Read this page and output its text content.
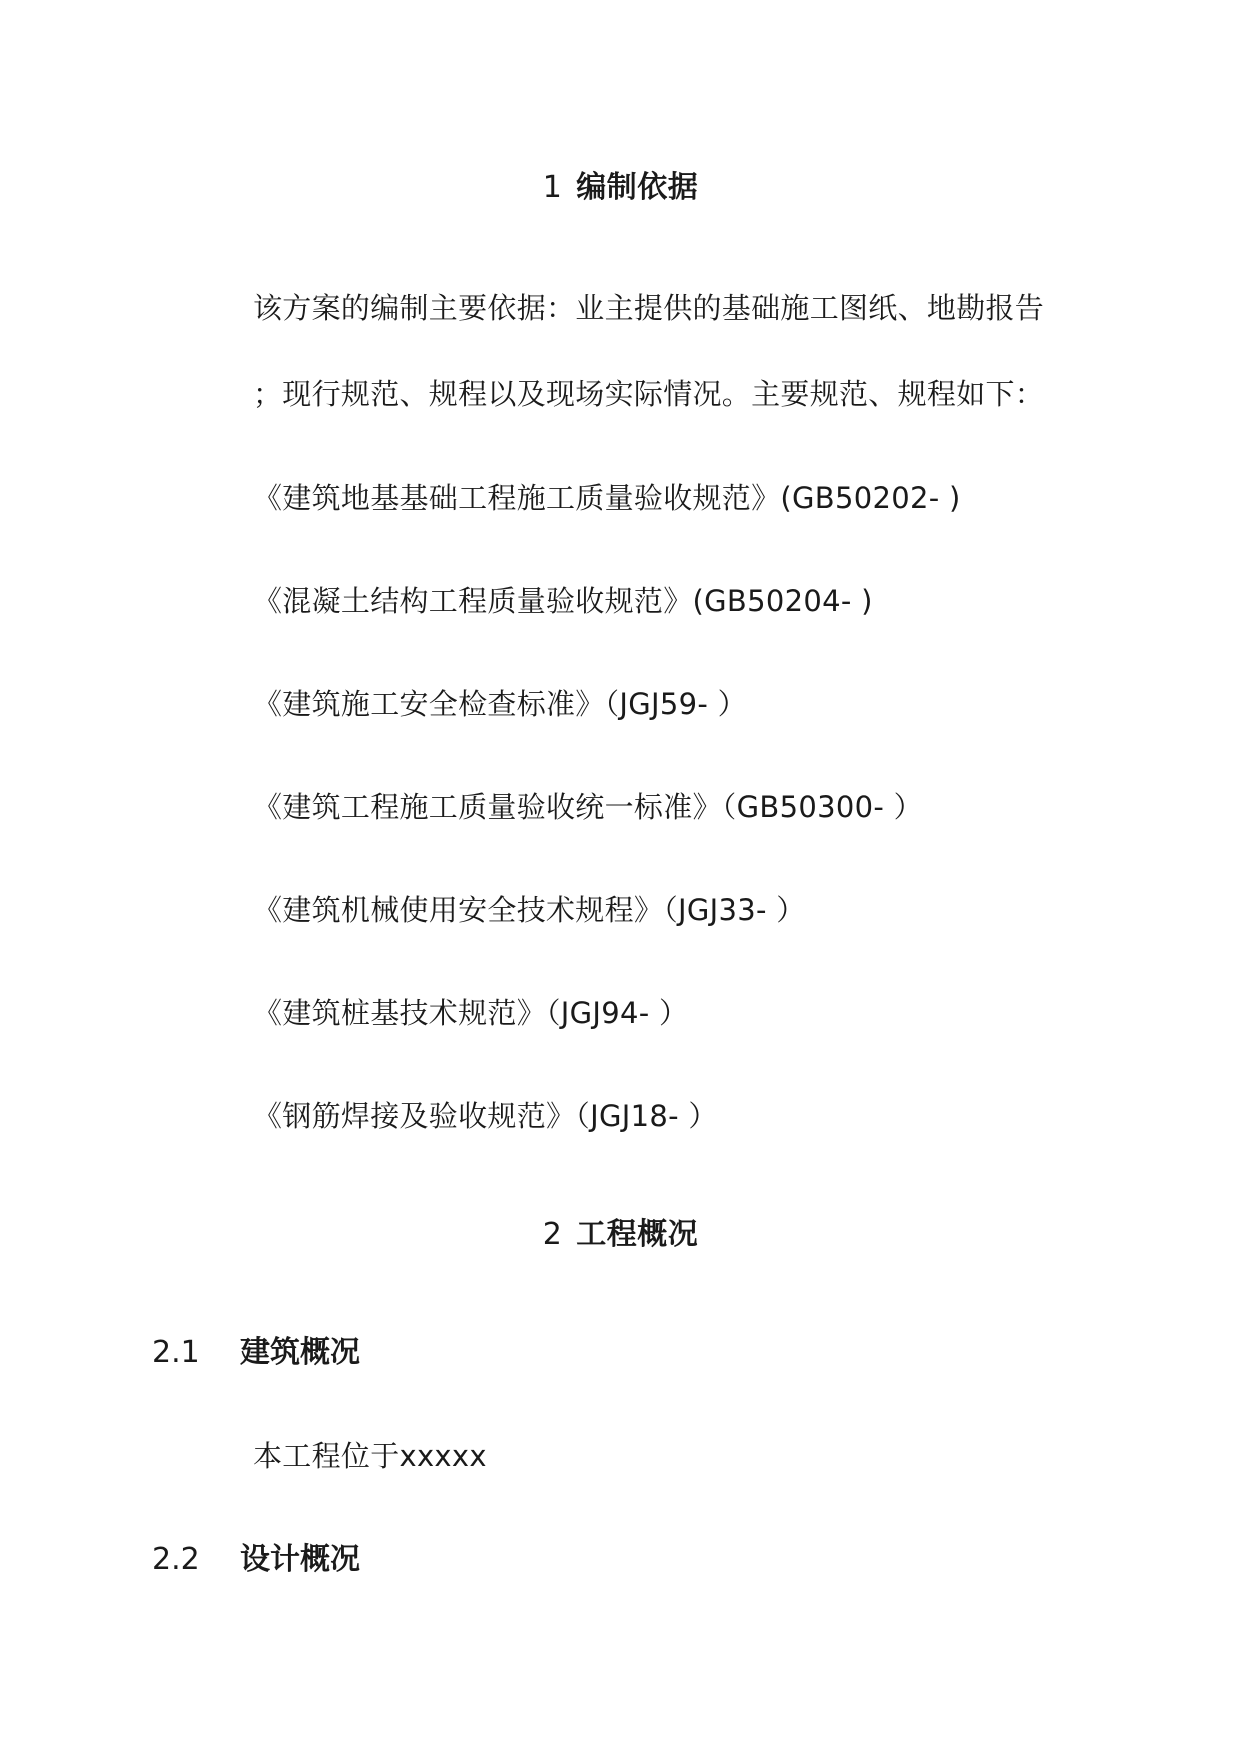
1 编制依据
该方案的编制主要依据：业主提供的基础施工图纸、地勘报告
；现行规范、规程以及现场实际情况。主要规范、规程如下：
《建筑地基基础工程施工质量验收规范》(GB50202- )
《混凝土结构工程质量验收规范》(GB50204- )
《建筑施工安全检查标准》（JGJ59- ）
《建筑工程施工质量验收统一标准》（GB50300- ）
《建筑机械使用安全技术规程》（JGJ33- ）
《建筑桩基技术规范》（JGJ94- ）
《钢筋焊接及验收规范》（JGJ18- ）
2 工程概况
2.1 建筑概况
本工程位于xxxxx
2.2 设计概况
